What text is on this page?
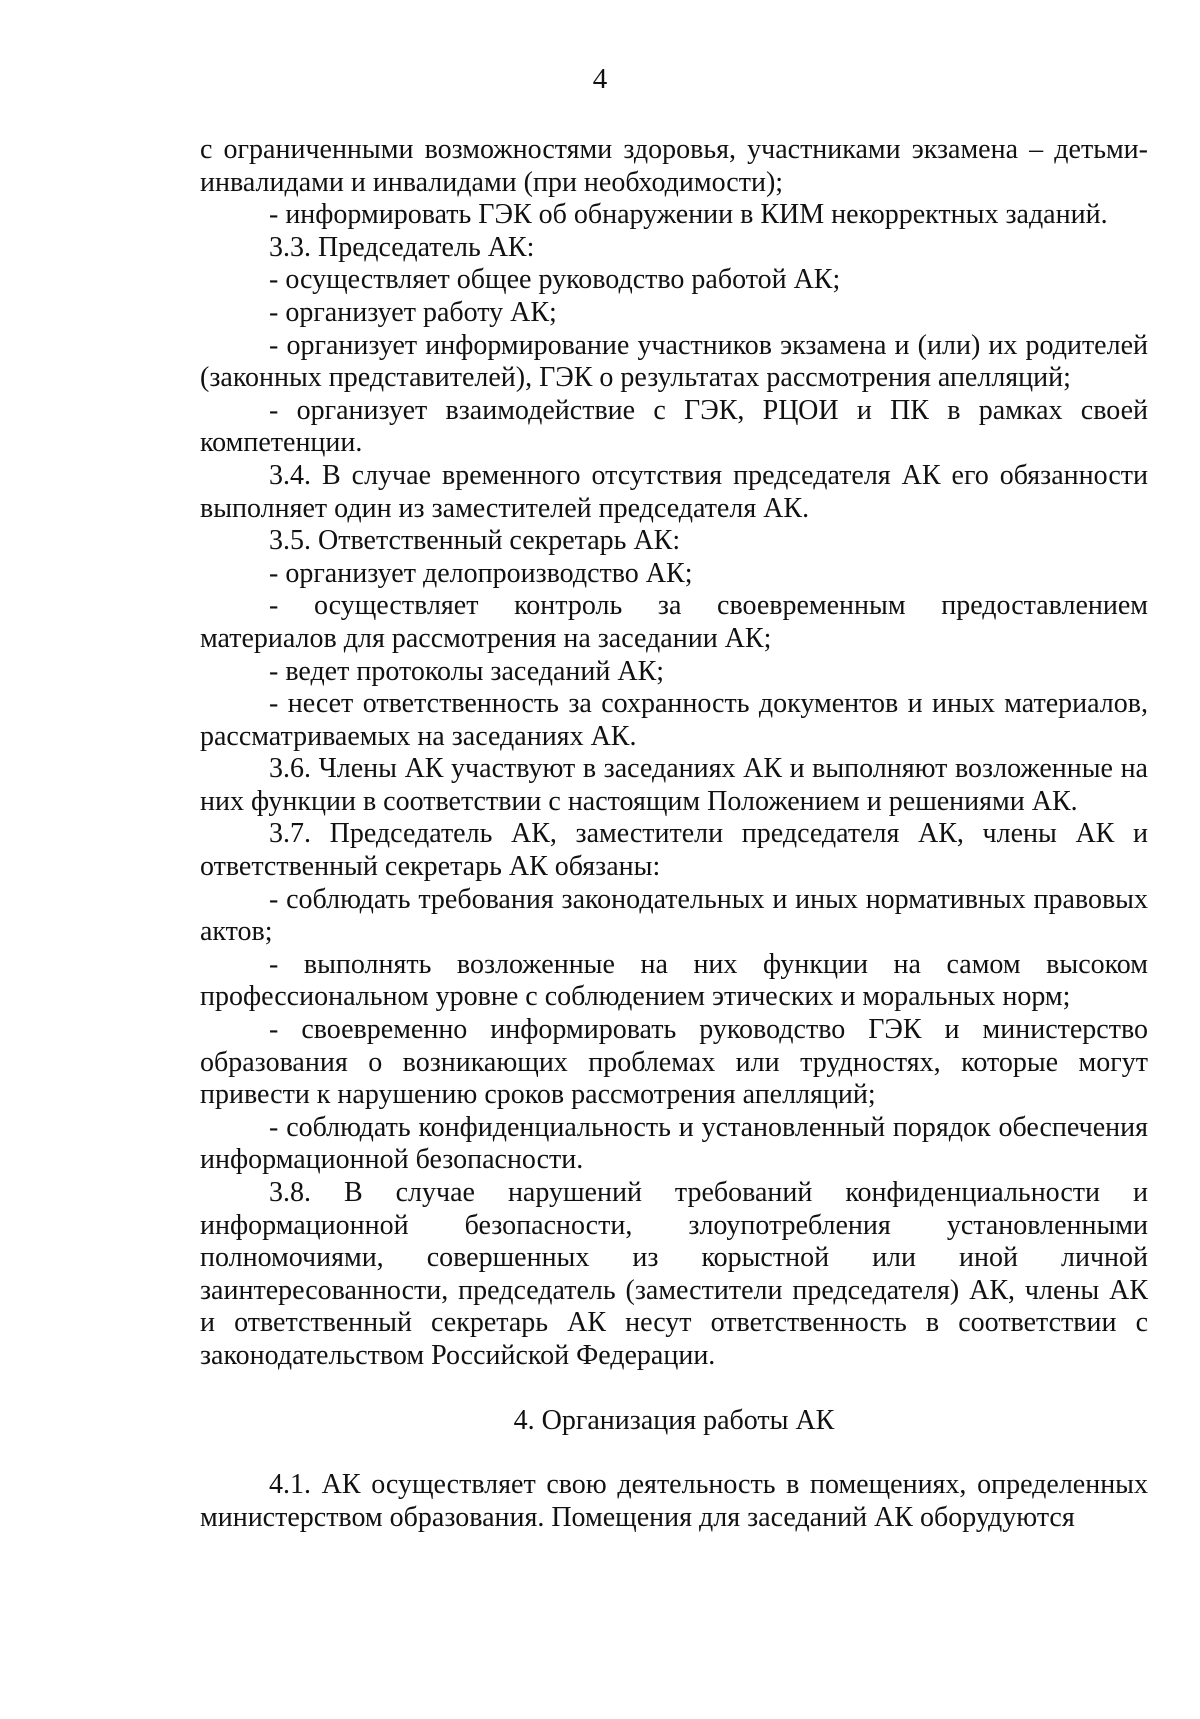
4

с ограниченными возможностями здоровья, участниками экзамена – детьми-инвалидами и инвалидами (при необходимости);

- информировать ГЭК об обнаружении в КИМ некорректных заданий.

3.3. Председатель АК:

- осуществляет общее руководство работой АК;

- организует работу АК;

- организует информирование участников экзамена и (или) их родителей (законных представителей), ГЭК о результатах рассмотрения апелляций;

- организует взаимодействие с ГЭК, РЦОИ и ПК в рамках своей компетенции.

3.4. В случае временного отсутствия председателя АК его обязанности выполняет один из заместителей председателя АК.

3.5. Ответственный секретарь АК:

- организует делопроизводство АК;

- осуществляет контроль за своевременным предоставлением материалов для рассмотрения на заседании АК;

- ведет протоколы заседаний АК;

- несет ответственность за сохранность документов и иных материалов, рассматриваемых на заседаниях АК.

3.6. Члены АК участвуют в заседаниях АК и выполняют возложенные на них функции в соответствии с настоящим Положением и решениями АК.

3.7. Председатель АК, заместители председателя АК, члены АК и ответственный секретарь АК обязаны:

- соблюдать требования законодательных и иных нормативных правовых актов;

- выполнять возложенные на них функции на самом высоком профессиональном уровне с соблюдением этических и моральных норм;

- своевременно информировать руководство ГЭК и министерство образования о возникающих проблемах или трудностях, которые могут привести к нарушению сроков рассмотрения апелляций;

- соблюдать конфиденциальность и установленный порядок обеспечения информационной безопасности.

3.8. В случае нарушений требований конфиденциальности и информационной безопасности, злоупотребления установленными полномочиями, совершенных из корыстной или иной личной заинтересованности, председатель (заместители председателя) АК, члены АК и ответственный секретарь АК несут ответственность в соответствии с законодательством Российской Федерации.

4. Организация работы АК

4.1. АК осуществляет свою деятельность в помещениях, определенных министерством образования. Помещения для заседаний АК оборудуются
